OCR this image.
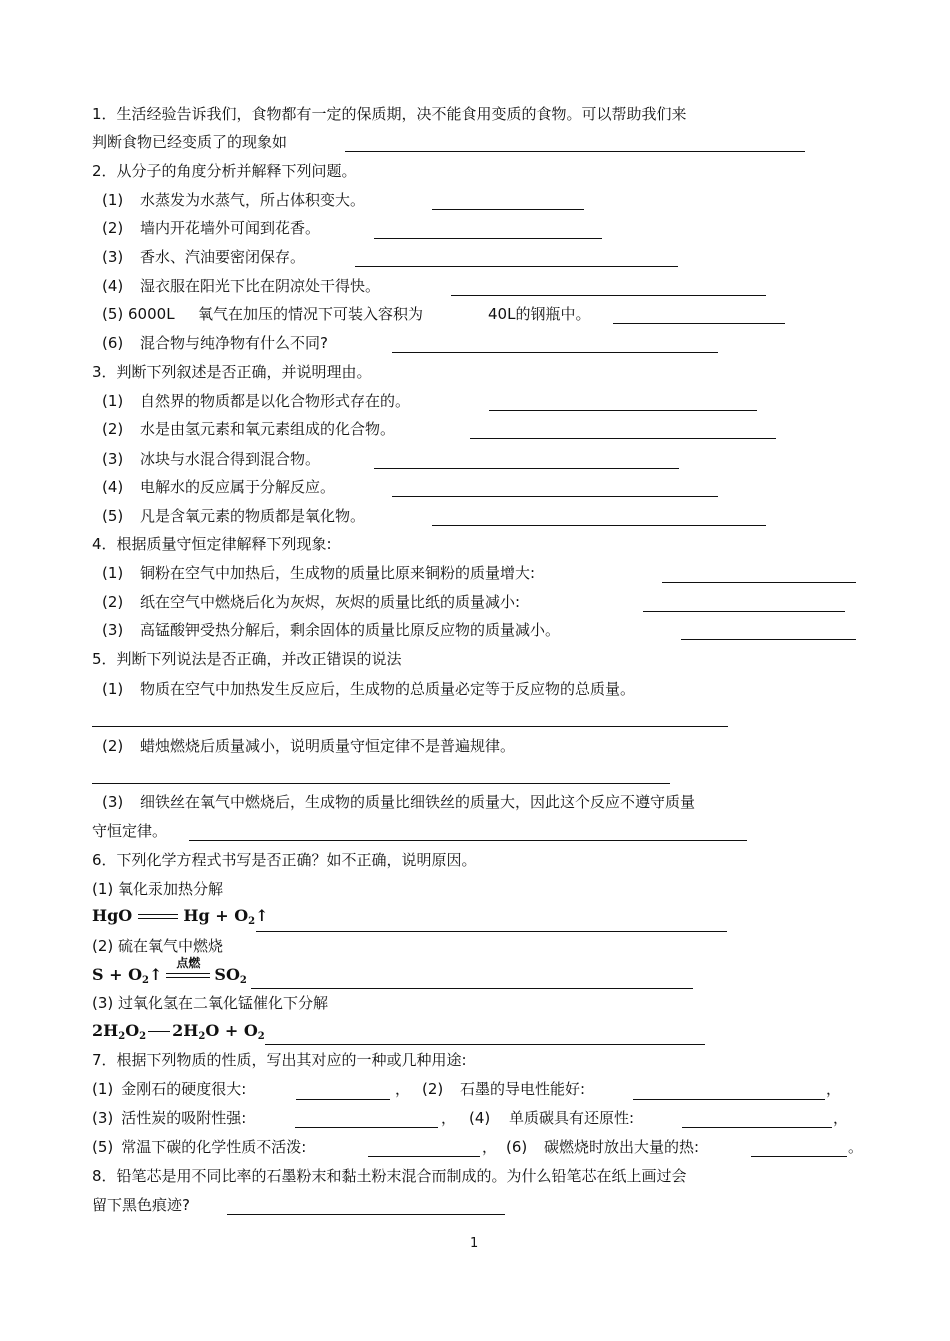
1．生活经验告诉我们，食物都有一定的保质期，决不能食用变质的食物。可以帮助我们来
判断食物已经变质了的现象如
2．从分子的角度分析并解释下列问题。
(1) 水蒸发为水蒸气，所占体积变大。
(2) 墙内开花墙外可闻到花香。
(3) 香水、汽油要密闭保存。
(4) 湿衣服在阳光下比在阴凉处干得快。
(5) 6000L 氧气在加压的情况下可装入容积为	40L的钢瓶中。
(6) 混合物与纯净物有什么不同?
3．判断下列叙述是否正确，并说明理由。
(1) 自然界的物质都是以化合物形式存在的。
(2) 水是由氢元素和氧元素组成的化合物。
(3) 冰块与水混合得到混合物。
(4) 电解水的反应属于分解反应。
(5) 凡是含氧元素的物质都是氧化物。
4．根据质量守恒定律解释下列现象:
(1) 铜粉在空气中加热后，生成物的质量比原来铜粉的质量增大:
(2) 纸在空气中燃烧后化为灰烬，灰烬的质量比纸的质量减小:
(3) 高锰酸钾受热分解后，剩余固体的质量比原反应物的质量减小。
5．判断下列说法是否正确，并改正错误的说法
(1) 物质在空气中加热发生反应后，生成物的总质量必定等于反应物的总质量。
(2) 蜡烛燃烧后质量减小，说明质量守恒定律不是普遍规律。
(3) 细铁丝在氧气中燃烧后，生成物的质量比细铁丝的质量大，因此这个反应不遵守质量
守恒定律。
6．下列化学方程式书写是否正确？如不正确，说明原因。
(1) 氧化汞加热分解
HgO	$Hg + O_2↑$
(2) 硫在氧气中燃烧
$S + O_2↑$
点燃
$SO_2$
(3) 过氧化氢在二氧化锰催化下分解
$2H_2O_2$ $2H_2O + O_2$
7．根据下列物质的性质，写出其对应的一种或几种用途:
(1) 金刚石的硬度很大:	， (2) 石墨的导电性能好:	，
(3) 活性炭的吸附性强:	， (4) 单质碳具有还原性:	，
(5) 常温下碳的化学性质不活泼:	， (6) 碳燃烧时放出大量的热:	。
8．铅笔芯是用不同比率的石墨粉末和黏土粉末混合而制成的。为什么铅笔芯在纸上画过会
留下黑色痕迹?
1
